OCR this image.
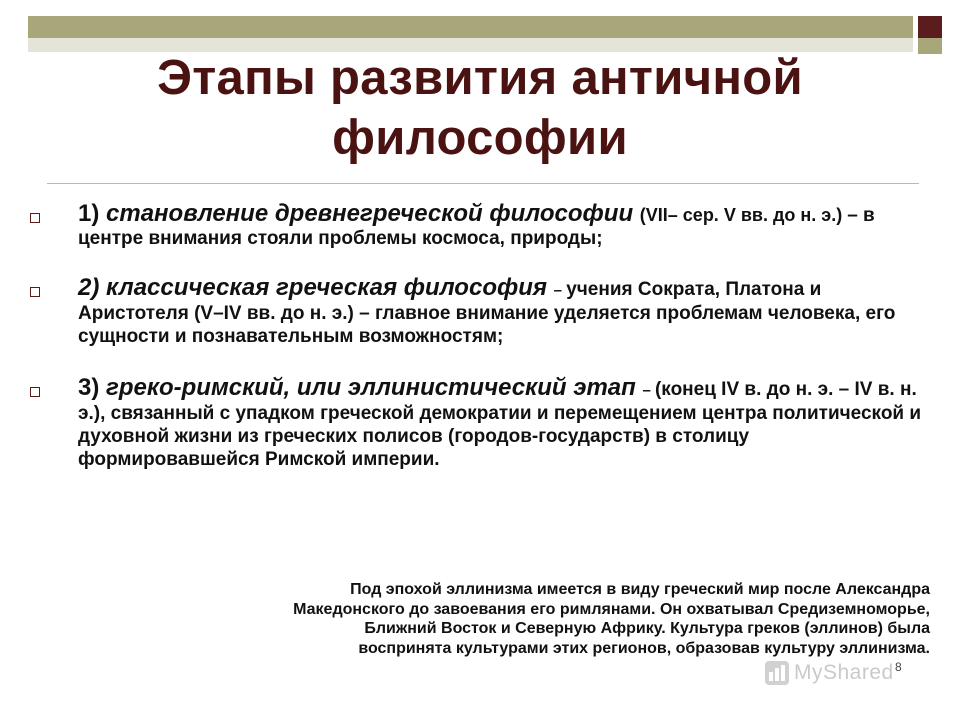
Этапы развития античной
философии
1) становление древнегреческой философии (VII– сер. V вв. до н. э.) – в центре внимания стояли проблемы космоса, природы;
2) классическая греческая философия – учения Сократа, Платона и Аристотеля (V–IV вв. до н. э.) – главное внимание уделяется проблемам человека, его сущности и познавательным возможностям;
3) греко-римский, или эллинистический этап – (конец IV в. до н. э. – IV в. н. э.), связанный с упадком греческой демократии и перемещением центра политической и духовной жизни из греческих полисов (городов-государств) в столицу формировавшейся Римской империи.
Под эпохой эллинизма имеется в виду греческий мир после Александра
Македонского до завоевания его римлянами. Он охватывал Средиземноморье,
Ближний Восток и Северную Африку. Культура греков (эллинов) была
воспринята культурами этих регионов, образовав культуру эллинизма.
MyShared 8
